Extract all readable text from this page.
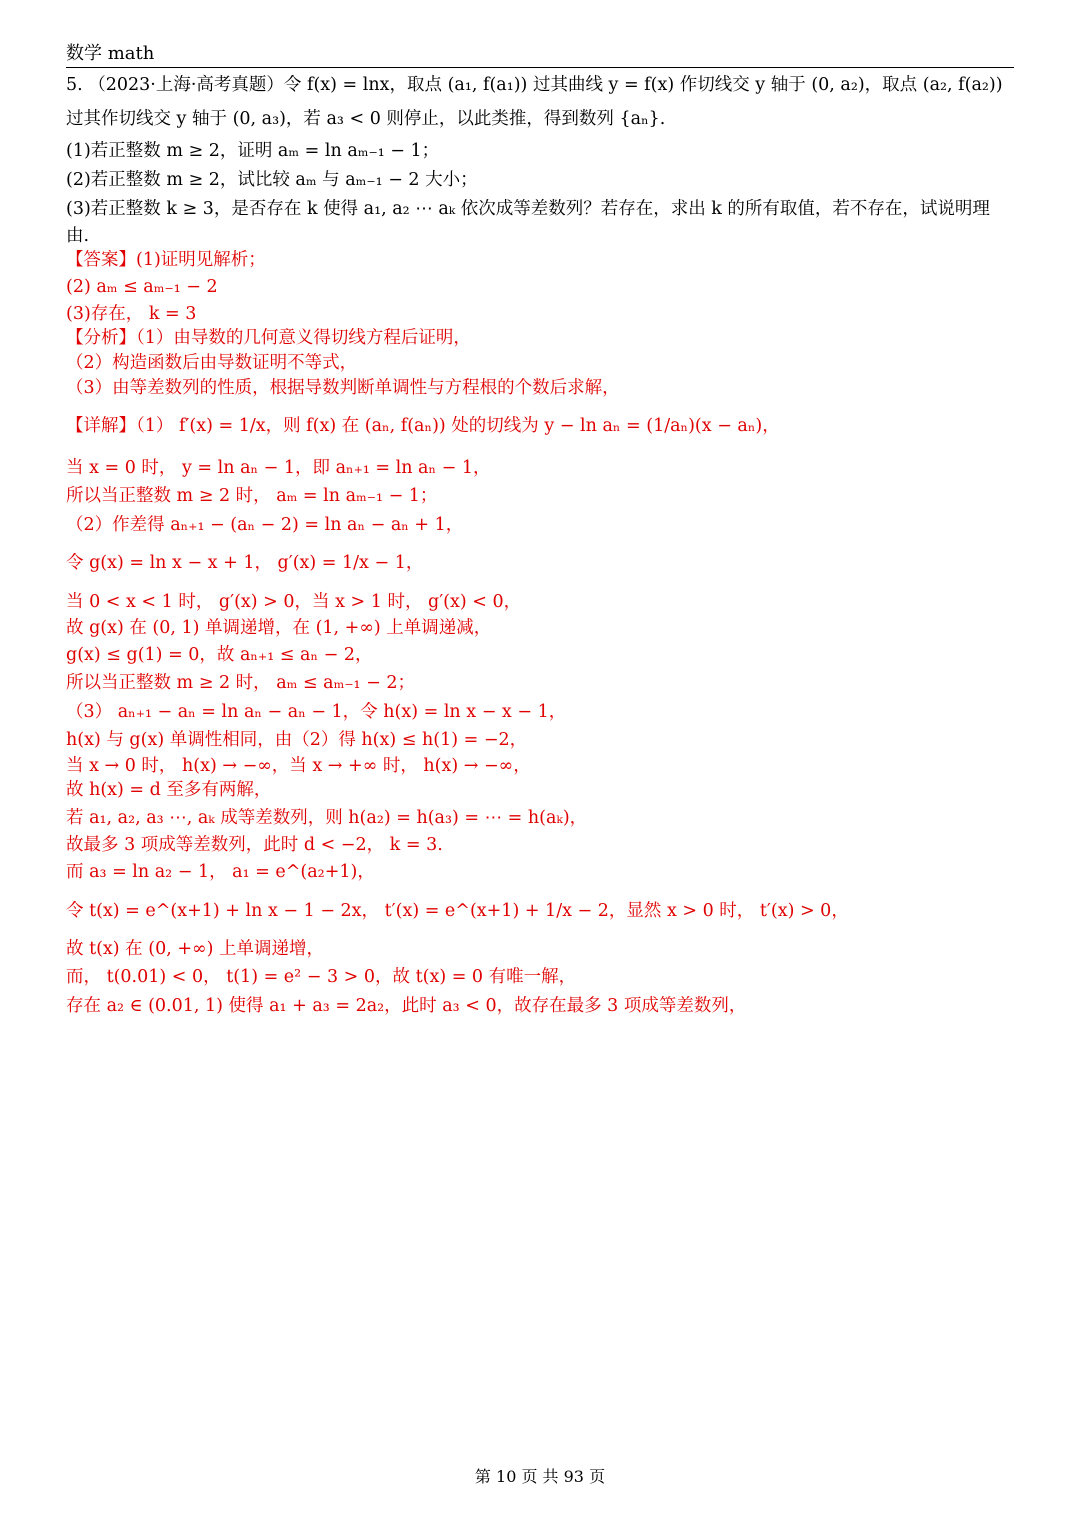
数学 math

5. （2023·上海·高考真题）令 f(x) = lnx，取点 (a₁, f(a₁)) 过其曲线 y = f(x) 作切线交 y 轴于 (0, a₂)，取点 (a₂, f(a₂))

过其作切线交 y 轴于 (0, a₃)，若 a₃ < 0 则停止，以此类推，得到数列 {aₙ}.

(1)若正整数 m ≥ 2，证明 aₘ = ln aₘ₋₁ − 1；

(2)若正整数 m ≥ 2，试比较 aₘ 与 aₘ₋₁ − 2 大小；

(3)若正整数 k ≥ 3，是否存在 k 使得 a₁, a₂ ⋯ aₖ 依次成等差数列？若存在，求出 k 的所有取值，若不存在，试说明理

由.

【答案】(1)证明见解析；

(2) aₘ ≤ aₘ₋₁ − 2

(3)存在， k = 3

【分析】（1）由导数的几何意义得切线方程后证明，

（2）构造函数后由导数证明不等式，

（3）由等差数列的性质，根据导数判断单调性与方程根的个数后求解，

【详解】（1） f′(x) = 1/x，则 f(x) 在 (aₙ, f(aₙ)) 处的切线为 y − ln aₙ = (1/aₙ)(x − aₙ)，

当 x = 0 时， y = ln aₙ − 1，即 aₙ₊₁ = ln aₙ − 1，

所以当正整数 m ≥ 2 时， aₘ = ln aₘ₋₁ − 1；

（2）作差得 aₙ₊₁ − (aₙ − 2) = ln aₙ − aₙ + 1，

令 g(x) = ln x − x + 1， g′(x) = 1/x − 1，

当 0 < x < 1 时， g′(x) > 0，当 x > 1 时， g′(x) < 0，

故 g(x) 在 (0, 1) 单调递增，在 (1, +∞) 上单调递减，

g(x) ≤ g(1) = 0，故 aₙ₊₁ ≤ aₙ − 2，

所以当正整数 m ≥ 2 时， aₘ ≤ aₘ₋₁ − 2；

（3） aₙ₊₁ − aₙ = ln aₙ − aₙ − 1，令 h(x) = ln x − x − 1，

h(x) 与 g(x) 单调性相同，由（2）得 h(x) ≤ h(1) = −2，

当 x → 0 时， h(x) → −∞，当 x → +∞ 时， h(x) → −∞，

故 h(x) = d 至多有两解，

若 a₁, a₂, a₃ ⋯, aₖ 成等差数列，则 h(a₂) = h(a₃) = ⋯ = h(aₖ)，

故最多 3 项成等差数列，此时 d < −2， k = 3.

而 a₃ = ln a₂ − 1， a₁ = e^(a₂+1)，

令 t(x) = e^(x+1) + ln x − 1 − 2x， t′(x) = e^(x+1) + 1/x − 2，显然 x > 0 时， t′(x) > 0，

故 t(x) 在 (0, +∞) 上单调递增，

而， t(0.01) < 0， t(1) = e² − 3 > 0，故 t(x) = 0 有唯一解，

存在 a₂ ∈ (0.01, 1) 使得 a₁ + a₃ = 2a₂，此时 a₃ < 0，故存在最多 3 项成等差数列，

第 10 页 共 93 页
